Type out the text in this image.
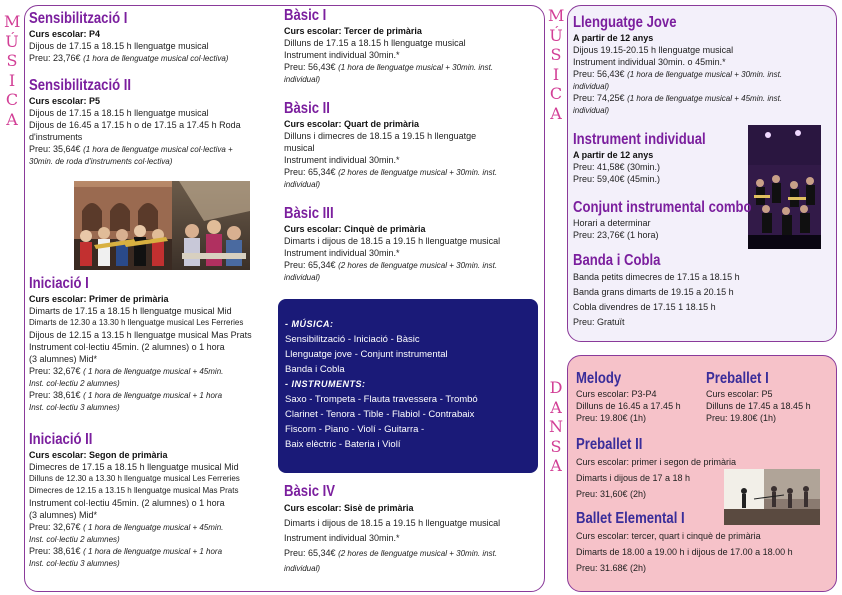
M
Ú
S
I
C
A
M
Ú
S
I
C
A
D
A
N
S
A
Sensibilització I
Curs escolar: P4
Dijous de 17.15 a 18.15 h llenguatge musical
Preu: 23,76€ (1 hora de llenguatge musical col·lectiva)
Sensibilització II
Curs escolar: P5
Dijous de 17.15 a 18.15 h llenguatge musical
Dijous de 16.45 a 17.15 h o de 17.15 a 17.45 h Roda
d'instruments
Preu: 35,64€ (1 hora de llenguatge musical col·lectiva +
30min. de roda d'instruments col·lectiva)
Iniciació I
Curs escolar: Primer de primària
Dimarts de 17.15 a 18.15 h llenguatge musical Mid
Dimarts de 12.30 a 13.30 h llenguatge musical Les Ferreries
Dijous de 12.15 a 13.15 h llenguatge musical Mas Prats
Instrument col·lectiu 45min. (2 alumnes) o 1 hora
(3 alumnes) Mid*
Preu: 32,67€ ( 1 hora de llenguatge musical + 45min.
Inst. col·lectiu 2 alumnes)
Preu: 38,61€ ( 1 hora de llenguatge musical + 1 hora
Inst. col·lectiu 3 alumnes)
Iniciació II
Curs escolar: Segon de primària
Dimecres de 17.15 a 18.15 h llenguatge musical Mid
Dilluns de 12.30 a 13.30 h llenguatge musical Les Ferreries
Dimecres de 12.15 a 13.15 h llenguatge musical Mas Prats
Instrument col·lectiu 45min. (2 alumnes) o 1 hora
(3 alumnes) Mid*
Preu: 32,67€ ( 1 hora de llenguatge musical + 45min.
Inst. col·lectiu 2 alumnes)
Preu: 38,61€ ( 1 hora de llenguatge musical + 1 hora
Inst. col·lectiu 3 alumnes)
Bàsic I
Curs escolar: Tercer de primària
Dilluns de 17.15 a 18.15 h llenguatge musical
Instrument individual 30min.*
Preu: 56,43€ (1 hora de llenguatge musical + 30min. inst.
individual)
Bàsic II
Curs escolar: Quart de primària
Dilluns i dimecres de 18.15 a 19.15 h llenguatge
musical
Instrument individual 30min.*
Preu: 65,34€ (2 hores de llenguatge musical + 30min. inst.
individual)
Bàsic III
Curs escolar: Cinquè de primària
Dimarts i dijous de 18.15 a 19.15 h llenguatge musical
Instrument individual 30min.*
Preu: 65,34€ (2 hores de llenguatge musical + 30min. inst.
individual)
- MÚSICA:
Sensibilització - Iniciació - Bàsic
Llenguatge jove - Conjunt instrumental
Banda i Cobla
- INSTRUMENTS:
Saxo - Trompeta - Flauta travessera - Trombó
Clarinet - Tenora - Tible - Flabiol - Contrabaix
Fiscorn - Piano - Violí - Guitarra -
Baix elèctric - Bateria i Violí
Bàsic IV
Curs escolar: Sisè de primària
Dimarts i dijous de 18.15 a 19.15 h llenguatge musical
Instrument individual 30min.*
Preu: 65,34€ (2 hores de llenguatge musical + 30min. inst.
individual)
Llenguatge Jove
A partir de 12 anys
Dijous 19.15-20.15 h llenguatge musical
Instrument individual 30min. o 45min.*
Preu: 56,43€ (1 hora de llenguatge musical + 30min. inst.
individual)
Preu: 74,25€ (1 hora de llenguatge musical + 45min. inst.
individual)
Instrument individual
A partir de 12 anys
Preu: 41,58€ (30min.)
Preu: 59,40€ (45min.)
Conjunt instrumental combo
Horari a determinar
Preu: 23,76€ (1 hora)
Banda i Cobla
Banda petits dimecres de 17.15 a 18.15 h
Banda grans dimarts de 19.15 a 20.15 h
Cobla divendres de 17.15 1 18.15 h
Preu: Gratuït
Melody
Curs escolar: P3-P4
Dilluns de 16.45 a 17.45 h
Preu: 19.80€ (1h)
Preballet I
Curs escolar: P5
Dilluns de 17.45 a 18.45 h
Preu: 19.80€ (1h)
Preballet II
Curs escolar: primer i segon de primària
Dimarts i dijous de 17 a 18 h
Preu: 31,60€ (2h)
Ballet Elemental I
Curs escolar: tercer, quart i cinquè de primària
Dimarts de 18.00 a 19.00 h i dijous de 17.00 a 18.00 h
Preu: 31.68€ (2h)
